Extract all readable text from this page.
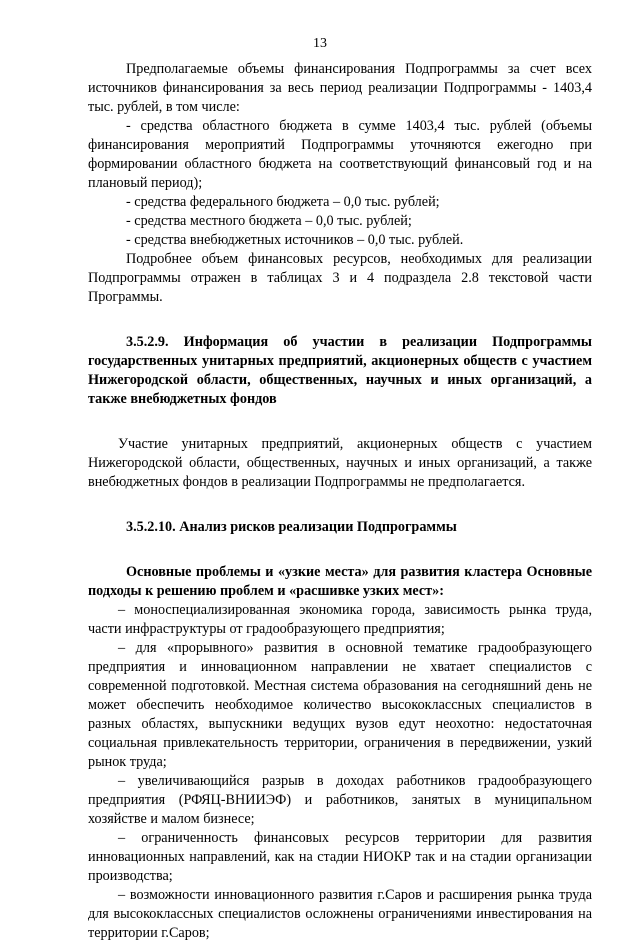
13

Предполагаемые объемы финансирования Подпрограммы за счет всех источников финансирования за весь период реализации Подпрограммы - 1403,4 тыс. рублей, в том числе:

- средства областного бюджета в сумме 1403,4 тыс. рублей (объемы финансирования мероприятий Подпрограммы уточняются ежегодно при формировании областного бюджета на соответствующий финансовый год и на плановый период);

- средства федерального бюджета – 0,0 тыс. рублей;

- средства местного бюджета – 0,0 тыс. рублей;

- средства внебюджетных источников – 0,0 тыс. рублей.

Подробнее объем финансовых ресурсов, необходимых для реализации Подпрограммы отражен в таблицах 3 и 4 подраздела 2.8 текстовой части Программы.

3.5.2.9. Информация об участии в реализации Подпрограммы государственных унитарных предприятий, акционерных обществ с участием Нижегородской области, общественных, научных и иных организаций, а также внебюджетных фондов

Участие унитарных предприятий, акционерных обществ с участием Нижегородской области, общественных, научных и иных организаций, а также внебюджетных фондов в реализации Подпрограммы не предполагается.

3.5.2.10. Анализ рисков реализации Подпрограммы

Основные проблемы и «узкие места» для развития кластера Основные подходы к решению проблем и «расшивке узких мест»:

– моноспециализированная экономика города, зависимость рынка труда, части инфраструктуры от градообразующего предприятия;

– для «прорывного» развития в основной тематике градообразующего предприятия и инновационном направлении не хватает специалистов с современной подготовкой. Местная система образования на сегодняшний день не может обеспечить необходимое количество высококлассных специалистов в разных областях, выпускники ведущих вузов едут неохотно: недостаточная социальная привлекательность территории, ограничения в передвижении, узкий рынок труда;

– увеличивающийся разрыв в доходах работников градообразующего предприятия (РФЯЦ-ВНИИЭФ) и работников, занятых в муниципальном хозяйстве и малом бизнесе;

– ограниченность финансовых ресурсов территории для развития инновационных направлений, как на стадии НИОКР так и на стадии организации производства;

– возможности инновационного развития г.Саров и расширения рынка труда для высококлассных специалистов осложнены ограничениями инвестирования на территории г.Саров;
